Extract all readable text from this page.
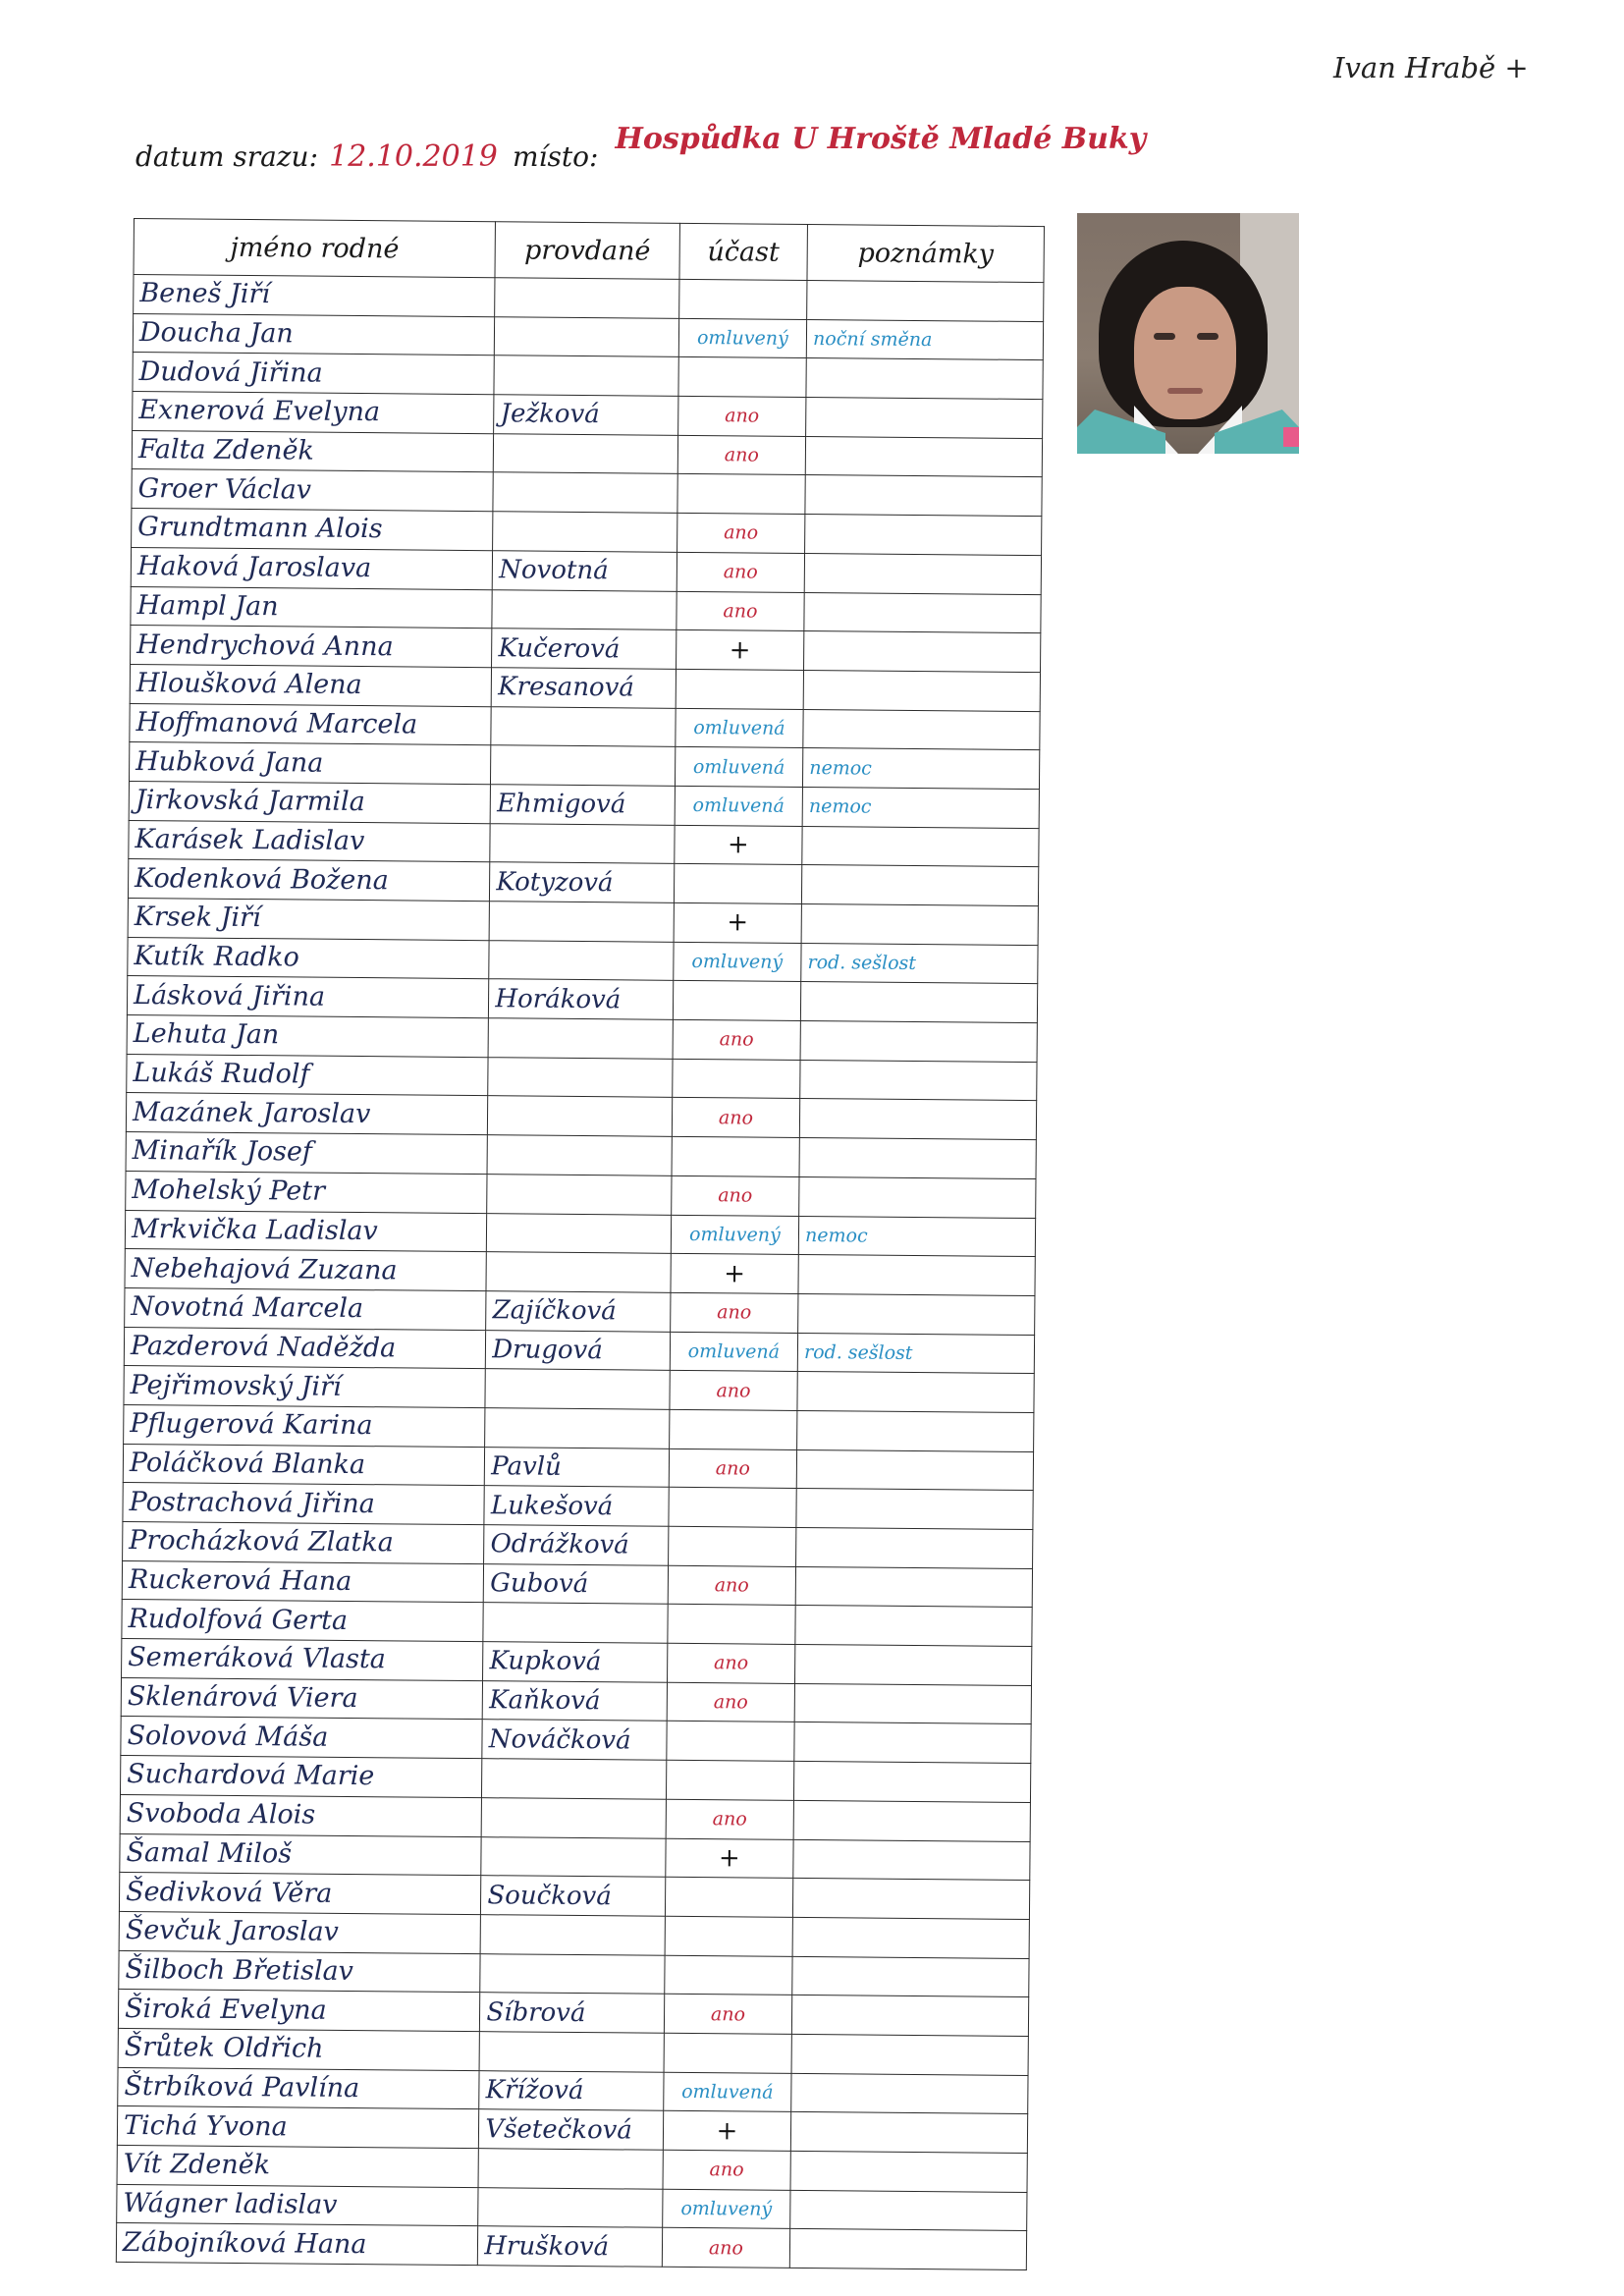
Ivan Hrabě +
datum srazu: 12.10.2019 místo: Hospůdka U Hroště Mladé Buky
jméno rodné	provdané	účast	poznámky
Beneš Jiří			
Doucha Jan		omluvený	noční směna
Dudová Jiřina			
Exnerová Evelyna	Ježková	ano	
Falta Zdeněk		ano	
Groer Václav			
Grundtmann Alois		ano	
Haková Jaroslava	Novotná	ano	
Hampl Jan		ano	
Hendrychová Anna	Kučerová	+	
Hloušková Alena	Kresanová		
Hoffmanová Marcela		omluvená	
Hubková Jana		omluvená	nemoc
Jirkovská Jarmila	Ehmigová	omluvená	nemoc
Karásek Ladislav		+	
Kodenková Božena	Kotyzová		
Krsek Jiří		+	
Kutík Radko		omluvený	rod. sešlost
Lásková Jiřina	Horáková		
Lehuta Jan		ano	
Lukáš Rudolf			
Mazánek Jaroslav		ano	
Minařík Josef			
Mohelský Petr		ano	
Mrkvička Ladislav		omluvený	nemoc
Nebehajová Zuzana		+	
Novotná Marcela	Zajíčková	ano	
Pazderová Naděžda	Drugová	omluvená	rod. sešlost
Pejřimovský Jiří		ano	
Pflugerová Karina			
Poláčková Blanka	Pavlů	ano	
Postrachová Jiřina	Lukešová		
Procházková Zlatka	Odrážková		
Ruckerová Hana	Gubová	ano	
Rudolfová Gerta			
Semeráková Vlasta	Kupková	ano	
Sklenárová Viera	Kaňková	ano	
Solovová Máša	Nováčková		
Suchardová Marie			
Svoboda Alois		ano	
Šamal Miloš		+	
Šedivková Věra	Součková		
Ševčuk Jaroslav			
Šilboch Břetislav			
Široká Evelyna	Síbrová	ano	
Šrůtek Oldřich			
Štrbíková Pavlína	Křížová	omluvená	
Tichá Yvona	Všetečková	+	
Vít Zdeněk		ano	
Wágner ladislav		omluvený	
Zábojníková Hana	Hrušková	ano	
